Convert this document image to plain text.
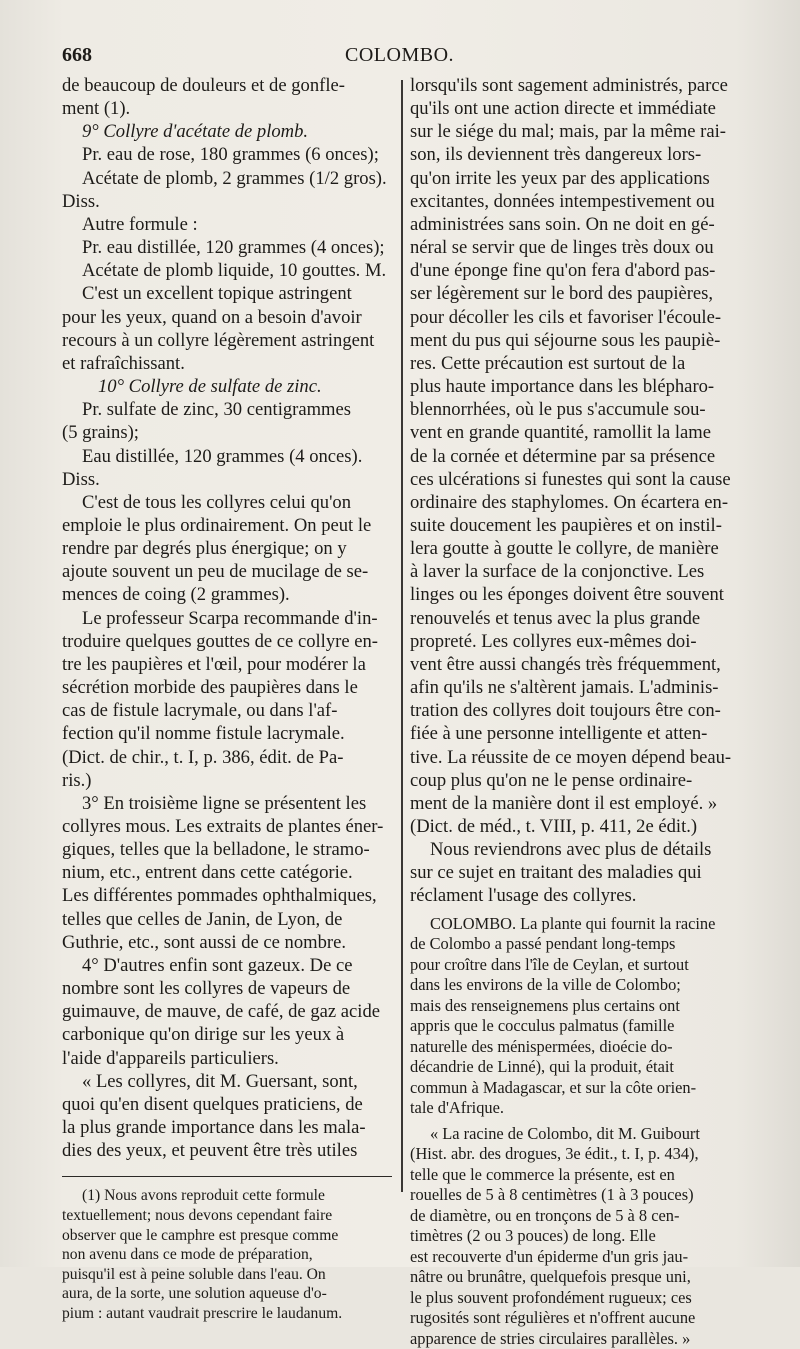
668	COLOMBO.

de beaucoup de douleurs et de gonfle-

ment (1).

9° Collyre d'acétate de plomb.

Pr. eau de rose, 180 grammes (6 onces);

Acétate de plomb, 2 grammes (1/2 gros).

Diss.

Autre formule :

Pr. eau distillée, 120 grammes (4 onces);

Acétate de plomb liquide, 10 gouttes. M.

C'est un excellent topique astringent

pour les yeux, quand on a besoin d'avoir

recours à un collyre légèrement astringent

et rafraîchissant.

10° Collyre de sulfate de zinc.

Pr. sulfate de zinc, 30 centigrammes

(5 grains);

Eau distillée, 120 grammes (4 onces).

Diss.

C'est de tous les collyres celui qu'on

emploie le plus ordinairement. On peut le

rendre par degrés plus énergique; on y

ajoute souvent un peu de mucilage de se-

mences de coing (2 grammes).

Le professeur Scarpa recommande d'in-

troduire quelques gouttes de ce collyre en-

tre les paupières et l'œil, pour modérer la

sécrétion morbide des paupières dans le

cas de fistule lacrymale, ou dans l'af-

fection qu'il nomme fistule lacrymale.

(Dict. de chir., t. I, p. 386, édit. de Pa-

ris.)

3° En troisième ligne se présentent les

collyres mous. Les extraits de plantes éner-

giques, telles que la belladone, le stramo-

nium, etc., entrent dans cette catégorie.

Les différentes pommades ophthalmiques,

telles que celles de Janin, de Lyon, de

Guthrie, etc., sont aussi de ce nombre.

4° D'autres enfin sont gazeux. De ce

nombre sont les collyres de vapeurs de

guimauve, de mauve, de café, de gaz acide

carbonique qu'on dirige sur les yeux à

l'aide d'appareils particuliers.

« Les collyres, dit M. Guersant, sont,

quoi qu'en disent quelques praticiens, de

la plus grande importance dans les mala-

dies des yeux, et peuvent être très utiles

(1) Nous avons reproduit cette formule

textuellement; nous devons cependant faire

observer que le camphre est presque comme

non avenu dans ce mode de préparation,

puisqu'il est à peine soluble dans l'eau. On

aura, de la sorte, une solution aqueuse d'o-

pium : autant vaudrait prescrire le laudanum.

lorsqu'ils sont sagement administrés, parce

qu'ils ont une action directe et immédiate

sur le siége du mal; mais, par la même rai-

son, ils deviennent très dangereux lors-

qu'on irrite les yeux par des applications

excitantes, données intempestivement ou

administrées sans soin. On ne doit en gé-

néral se servir que de linges très doux ou

d'une éponge fine qu'on fera d'abord pas-

ser légèrement sur le bord des paupières,

pour décoller les cils et favoriser l'écoule-

ment du pus qui séjourne sous les paupiè-

res. Cette précaution est surtout de la

plus haute importance dans les blépharo-

blennorrhées, où le pus s'accumule sou-

vent en grande quantité, ramollit la lame

de la cornée et détermine par sa présence

ces ulcérations si funestes qui sont la cause

ordinaire des staphylomes. On écartera en-

suite doucement les paupières et on instil-

lera goutte à goutte le collyre, de manière

à laver la surface de la conjonctive. Les

linges ou les éponges doivent être souvent

renouvelés et tenus avec la plus grande

propreté. Les collyres eux-mêmes doi-

vent être aussi changés très fréquemment,

afin qu'ils ne s'altèrent jamais. L'adminis-

tration des collyres doit toujours être con-

fiée à une personne intelligente et atten-

tive. La réussite de ce moyen dépend beau-

coup plus qu'on ne le pense ordinaire-

ment de la manière dont il est employé. »

(Dict. de méd., t. VIII, p. 411, 2e édit.)

Nous reviendrons avec plus de détails

sur ce sujet en traitant des maladies qui

réclament l'usage des collyres.

COLOMBO. La plante qui fournit la racine

de Colombo a passé pendant long-temps

pour croître dans l'île de Ceylan, et surtout

dans les environs de la ville de Colombo;

mais des renseignemens plus certains ont

appris que le cocculus palmatus (famille

naturelle des ménispermées, dioécie do-

décandrie de Linné), qui la produit, était

commun à Madagascar, et sur la côte orien-

tale d'Afrique.

« La racine de Colombo, dit M. Guibourt

(Hist. abr. des drogues, 3e édit., t. I, p. 434),

telle que le commerce la présente, est en

rouelles de 5 à 8 centimètres (1 à 3 pouces)

de diamètre, ou en tronçons de 5 à 8 cen-

timètres (2 ou 3 pouces) de long. Elle

est recouverte d'un épiderme d'un gris jau-

nâtre ou brunâtre, quelquefois presque uni,

le plus souvent profondément rugueux; ces

rugosités sont régulières et n'offrent aucune

apparence de stries circulaires parallèles. »
